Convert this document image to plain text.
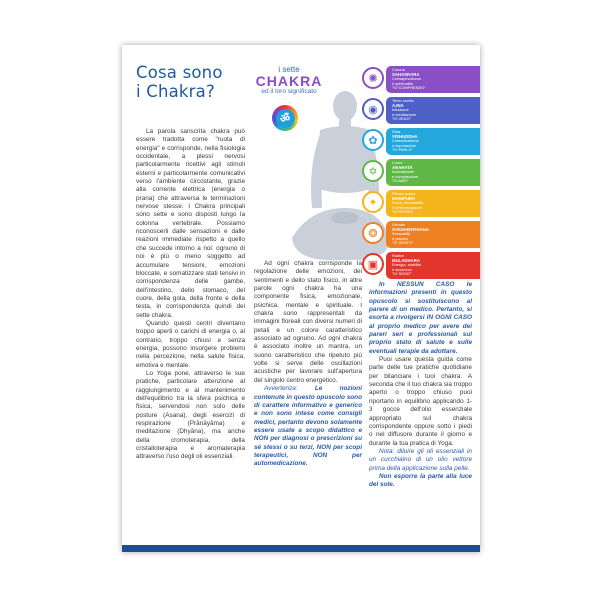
Cosa sono
i Chakra?
i sette
CHAKRA
ed il loro significato
ॐ
✺
Corona
SAHASRARA
Consapevolezza
e spiritualità
"IO COMPRENDO"
◉
Terzo occhio
AJNA
Intuizione
e meditazione
"IO VEDO"
✿
Gola
VISHUDDHA
Comunicazione
e espressione
"IO PARLO"
✡
Cuore
ANAHATA
Accettazione
e compassione
"IO AMO"
✦
Plesso solare
MANIPURA
Forza, personalità
e determinazione
"IO POSSO"
❂
Sacrale
SVADHISHTHANA
Sessualità
e piacere
"IO SENTO"
▣
Radice
MULADHARA
Energia, stabilità
e sicurezza
"IO SONO"

La parola sanscrita chakra può essere tradotta come "ruota di energia" e corrisponde, nella fisiologia occidentale, a plessi nervosi particolarmente ricettivi agli stimoli esterni e particolarmente comunicativi verso l'ambiente circostante, grazie alla corrente elettrica (energia o prana) che attraversa le terminazioni nervose stesse. I Chakra principali sono sette e sono disposti lungo la colonna vertebrale. Possiamo riconoscerli dalle sensazioni e dalle reazioni immediate rispetto a quello che succede intorno a noi: ognuno di noi è più o meno soggetto ad accumulare tensioni, emozioni bloccate, e somatizzare stati tensivi in corrispondenza delle gambe, dell'intestino, dello stomaco, del cuore, della gola, della fronte e della testa, in corrispondenza quindi dei sette chakra.

Quando questi centri diventano troppo aperti o carichi di energia o, al contrario, troppo chiusi e senza energia, possono insorgere problemi nella percezione, nella salute fisica, emotiva e mentale.

Lo Yoga pone, attraverso le sue pratiche, particolare attenzione al raggiungimento e al mantenimento dell'equilibrio tra la sfera psichica e fisica, servendosi non solo delle posture (Asana), degli esercizi di respirazione (Prānāyāma) e meditazione (Dhyāna), ma anche della cromoterapia, della cristalloterapia e aromaterapia attraverso l'uso degli oli essenziali.

Ad ogni chakra corrisponde la regolazione delle emozioni, dei sentimenti e dello stato fisico, in altre parole ogni chakra ha una componente fisica, emozionale, psichica, mentale e spirituale. I chakra sono rappresentati da immagini floreali con diversi numeri di petali e un colore caratteristico associato ad ognuno. Ad ogni chakra è associato inoltre un mantra, un suono caratteristico che ripetuto più volte si serve delle oscillazioni acustiche per lavorare sull'apertura del singolo centro energetico.

Avvertenza:	Le nozioni contenute in questo opuscolo sono di carattere informativo e generico e non sono intese come consigli medici, pertanto devono solamente essere usate a scopo didattico e NON per diagnosi o prescrizioni su sé stessi o su terzi, NON per scopi terapeutici, NON per automedicazione.

In NESSUN CASO le informazioni presenti in questo opuscolo si sostituiscono al parere di un medico. Pertanto, si esorta a rivolgersi IN OGNI CASO al proprio medico per avere dei pareri seri e professionali sul proprio stato di salute e sulle eventuali terapie da adottare.

Puoi usare questa guida come parte delle tue pratiche quotidiane per bilanciare i tuoi chakra. A seconda che il tuo chakra sia troppo aperto o troppo chiuso puoi riportarlo in equilibrio applicando 1-3 gocce dell'olio essenziale appropriato sul chakra corrispondente oppure sotto i piedi o nel diffusore durante il giorno e durante la tua pratica di Yoga.

Nota: diluire gli oli essenziali in un cucchiaino di un olio vettore prima della applicazione sulla pelle.

Non esporre la parte alla luce del sole.
